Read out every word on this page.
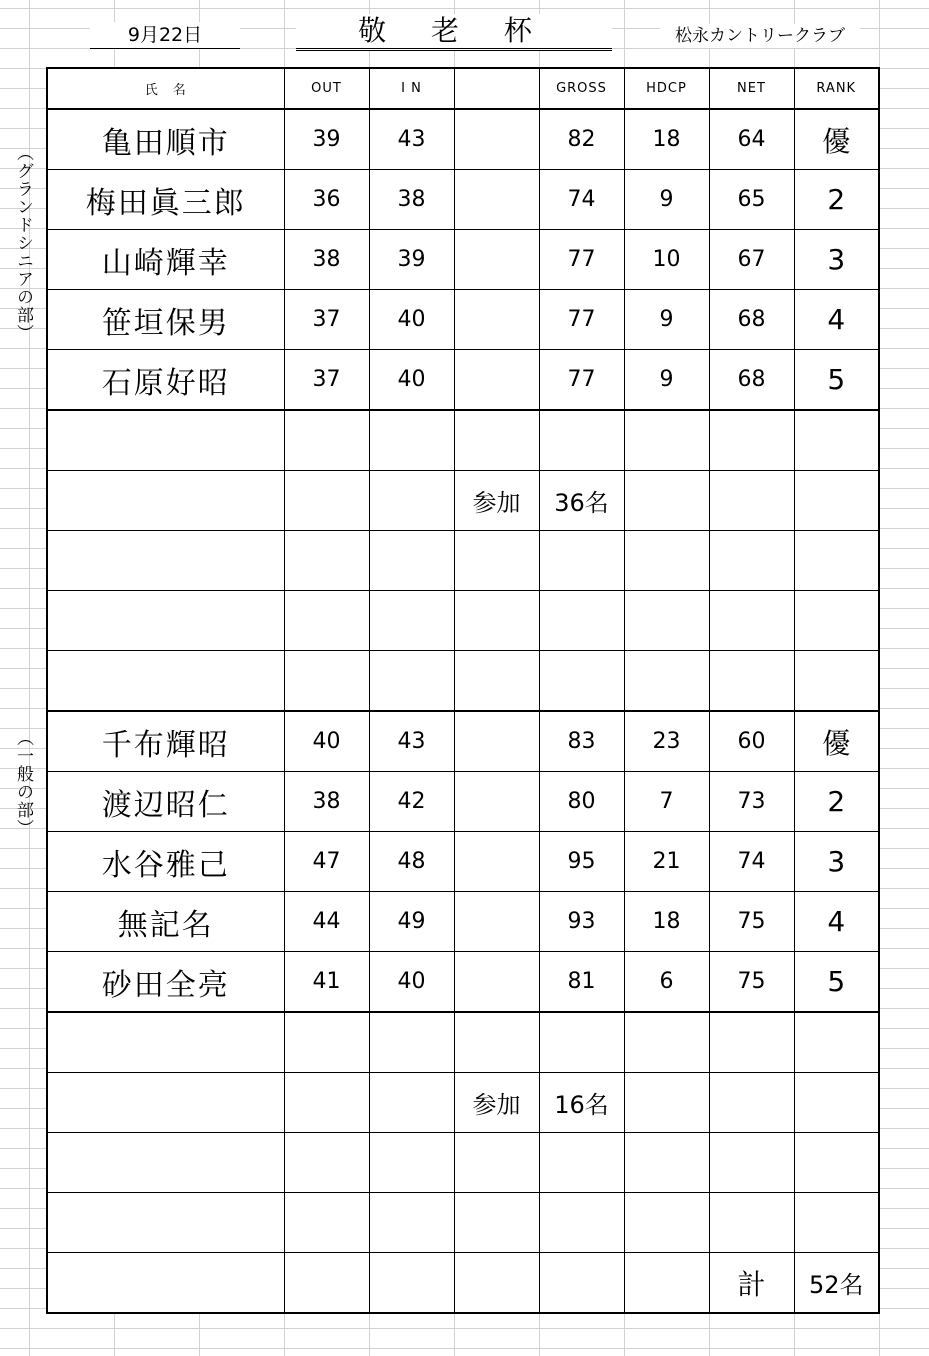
9月22日	敬 老 杯	松永カントリークラブ
（グランドシニアの部）
（一般の部）
氏　名	OUT	I N		GROSS	HDCP	NET	RANK
亀田順市	39	43		82	18	64	優
梅田眞三郎	36	38		74	9	65	2
山崎輝幸	38	39		77	10	67	3
笹垣保男	37	40		77	9	68	4
石原好昭	37	40		77	9	68	5

			参加	36名			

千布輝昭	40	43		83	23	60	優
渡辺昭仁	38	42		80	7	73	2
水谷雅己	47	48		95	21	74	3
無記名	44	49		93	18	75	4
砂田全亮	41	40		81	6	75	5

			参加	16名			

						計	52名
